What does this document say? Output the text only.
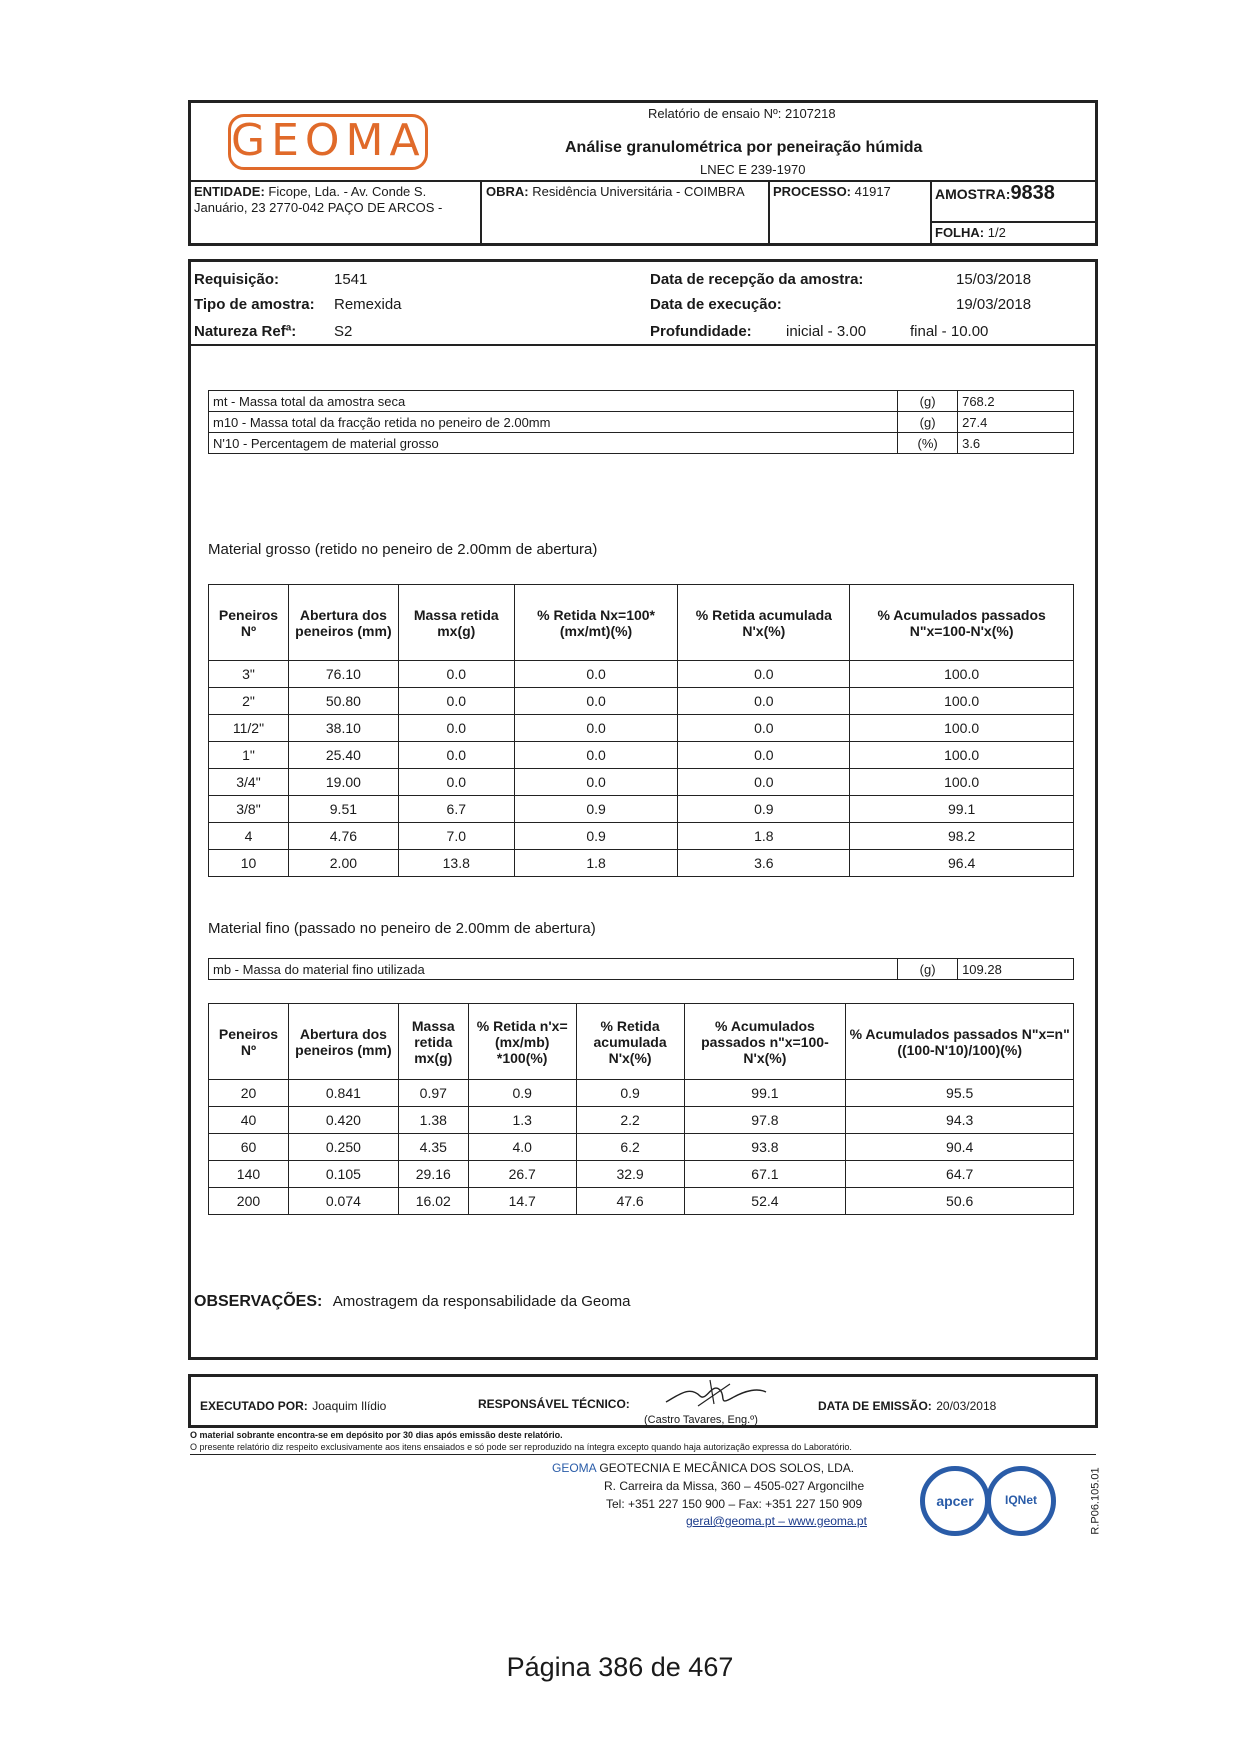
GEOMA
Relatório de ensaio Nº: 2107218
Análise granulométrica por peneiração húmida
LNEC E 239-1970
ENTIDADE: Ficope, Lda. - Av. Conde S. Januário, 23 2770-042 PAÇO DE ARCOS -
OBRA: Residência Universitária - COIMBRA	PROCESSO: 41917	AMOSTRA:9838
FOLHA: 1/2
Requisição:	1541
Tipo de amostra: Remexida
Natureza Refª:	S2
Data de recepção da amostra:	15/03/2018
Data de execução:	19/03/2018
Profundidade: inicial - 3.00	final - 10.00
mt - Massa total da amostra seca	(g)	768.2
m10 - Massa total da fracção retida no peneiro de 2.00mm	(g)	27.4
N'10 - Percentagem de material grosso	(%)	3.6
Material grosso (retido no peneiro de 2.00mm de abertura)
Peneiros Nº	Abertura dos peneiros (mm)	Massa retida mx(g)	% Retida Nx=100*(mx/mt)(%)	% Retida acumulada N'x(%)	% Acumulados passados N"x=100-N'x(%)
3"	76.10	0.0	0.0	0.0	100.0
2"	50.80	0.0	0.0	0.0	100.0
11/2"	38.10	0.0	0.0	0.0	100.0
1"	25.40	0.0	0.0	0.0	100.0
3/4"	19.00	0.0	0.0	0.0	100.0
3/8"	9.51	6.7	0.9	0.9	99.1
4	4.76	7.0	0.9	1.8	98.2
10	2.00	13.8	1.8	3.6	96.4
Material fino (passado no peneiro de 2.00mm de abertura)
mb - Massa do material fino utilizada	(g)	109.28
Peneiros Nº	Abertura dos peneiros (mm)	Massa retida mx(g)	% Retida n'x=(mx/mb) *100(%)	% Retida acumulada N'x(%)	% Acumulados passados n"x=100-N'x(%)	% Acumulados passados N"x=n"((100-N'10)/100)(%)
20	0.841	0.97	0.9	0.9	99.1	95.5
40	0.420	1.38	1.3	2.2	97.8	94.3
60	0.250	4.35	4.0	6.2	93.8	90.4
140	0.105	29.16	26.7	32.9	67.1	64.7
200	0.074	16.02	14.7	47.6	52.4	50.6
OBSERVAÇÕES: Amostragem da responsabilidade da Geoma
EXECUTADO POR: Joaquim Ilídio	RESPONSÁVEL TÉCNICO:
(Castro Tavares, Eng.º)
DATA DE EMISSÃO: 20/03/2018
O material sobrante encontra-se em depósito por 30 dias após emissão deste relatório.
O presente relatório diz respeito exclusivamente aos itens ensaiados e só pode ser reproduzido na íntegra excepto quando haja autorização expressa do Laboratório.
GEOMA GEOTECNIA E MECÂNICA DOS SOLOS, LDA.
R. Carreira da Missa, 360 – 4505-027 Argoncilhe
Tel: +351 227 150 900 – Fax: +351 227 150 909
geral@geoma.pt – www.geoma.pt
apcer	IQNet	R.P06.105.01
Página 386 de 467
